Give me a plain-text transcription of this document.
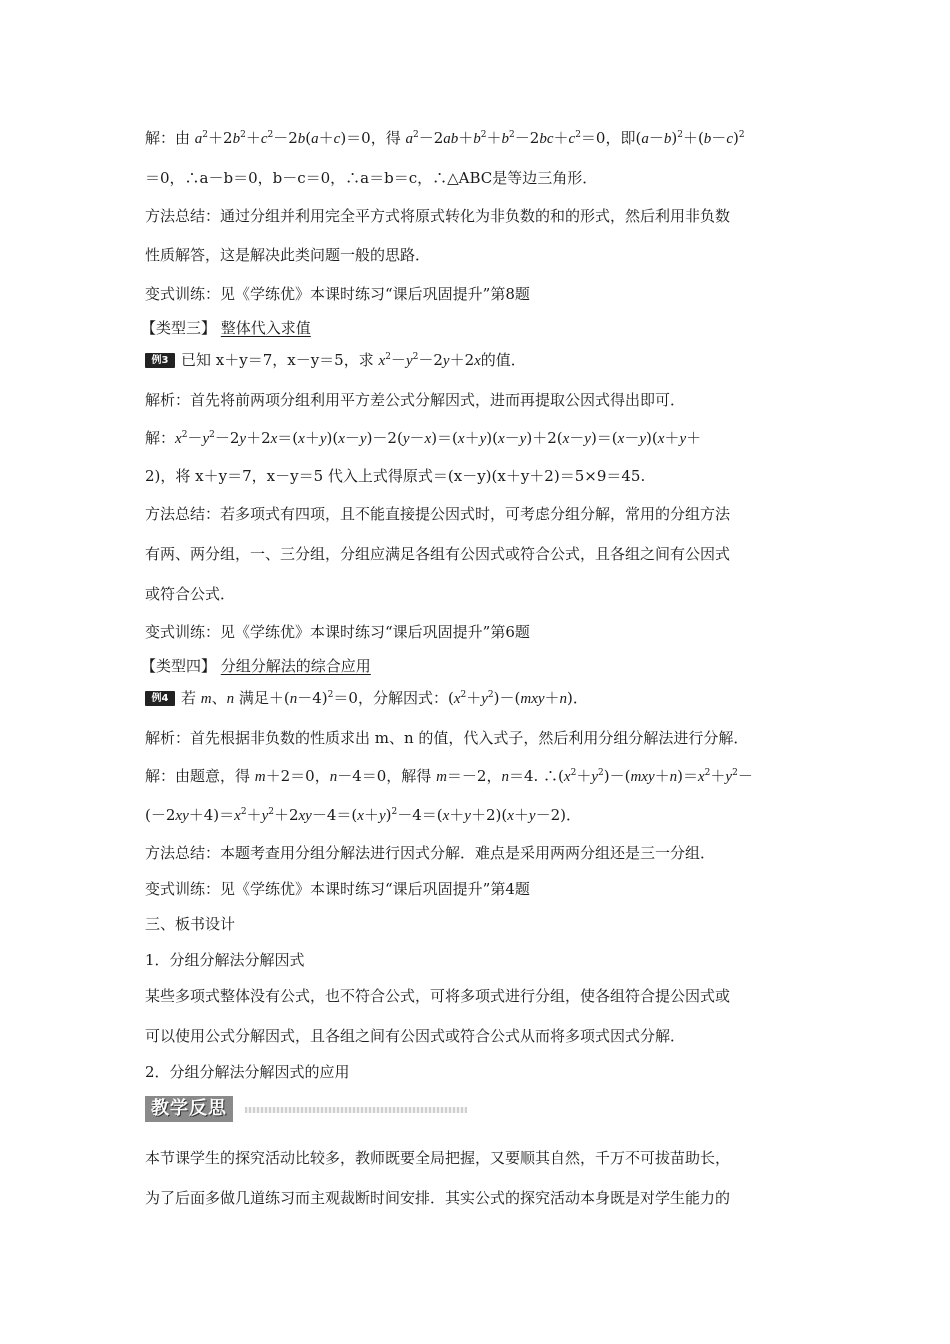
解：由 $a^2+2b^2+c^2-2b(a+c)=0$，得 $a^2-2ab+b^2+b^2-2bc+c^2=0$，即$(a-b)^2+(b-c)^2$
＝0，∴a－b＝0，b－c＝0，∴a＝b＝c，∴△ABC是等边三角形．
方法总结：通过分组并利用完全平方式将原式转化为非负数的和的形式，然后利用非负数
性质解答，这是解决此类问题一般的思路．
变式训练：见《学练优》本课时练习“课后巩固提升”第8题
【类型三】 整体代入求值
例3 已知 x＋y＝7，x－y＝5，求 $x^2-y^2-2y+2x$的值．
解析：首先将前两项分组利用平方差公式分解因式，进而再提取公因式得出即可．
解：$x^2-y^2-2y+2x=(x+y)(x-y)-2(y-x)=(x+y)(x-y)+2(x-y)=(x-y)(x+y+$
2)，将 x＋y＝7，x－y＝5 代入上式得原式＝(x－y)(x＋y＋2)＝5×9＝45.
方法总结：若多项式有四项，且不能直接提公因式时，可考虑分组分解，常用的分组方法
有两、两分组，一、三分组，分组应满足各组有公因式或符合公式，且各组之间有公因式
或符合公式．
变式训练：见《学练优》本课时练习“课后巩固提升”第6题
【类型四】 分组分解法的综合应用
例4 若 m、n 满足$+(n-4)^2=0$，分解因式：$(x^2+y^2)-(mxy+n)$．
解析：首先根据非负数的性质求出 m、n 的值，代入式子，然后利用分组分解法进行分解．
解：由题意，得 m＋2＝0，n－4＝0，解得 m＝－2，n＝4. $\therefore(x^2+y^2)-(mxy+n)=x^2+y^2-$
$(-2xy+4)=x^2+y^2+2xy-4=(x+y)^2-4=(x+y+2)(x+y-2)$．
方法总结：本题考查用分组分解法进行因式分解．难点是采用两两分组还是三一分组．
变式训练：见《学练优》本课时练习“课后巩固提升”第4题
三、板书设计
1．分组分解法分解因式
某些多项式整体没有公式，也不符合公式，可将多项式进行分组，使各组符合提公因式或
可以使用公式分解因式，且各组之间有公因式或符合公式从而将多项式因式分解．
2．分组分解法分解因式的应用
教学反思
本节课学生的探究活动比较多，教师既要全局把握，又要顺其自然，千万不可拔苗助长，
为了后面多做几道练习而主观裁断时间安排．其实公式的探究活动本身既是对学生能力的
